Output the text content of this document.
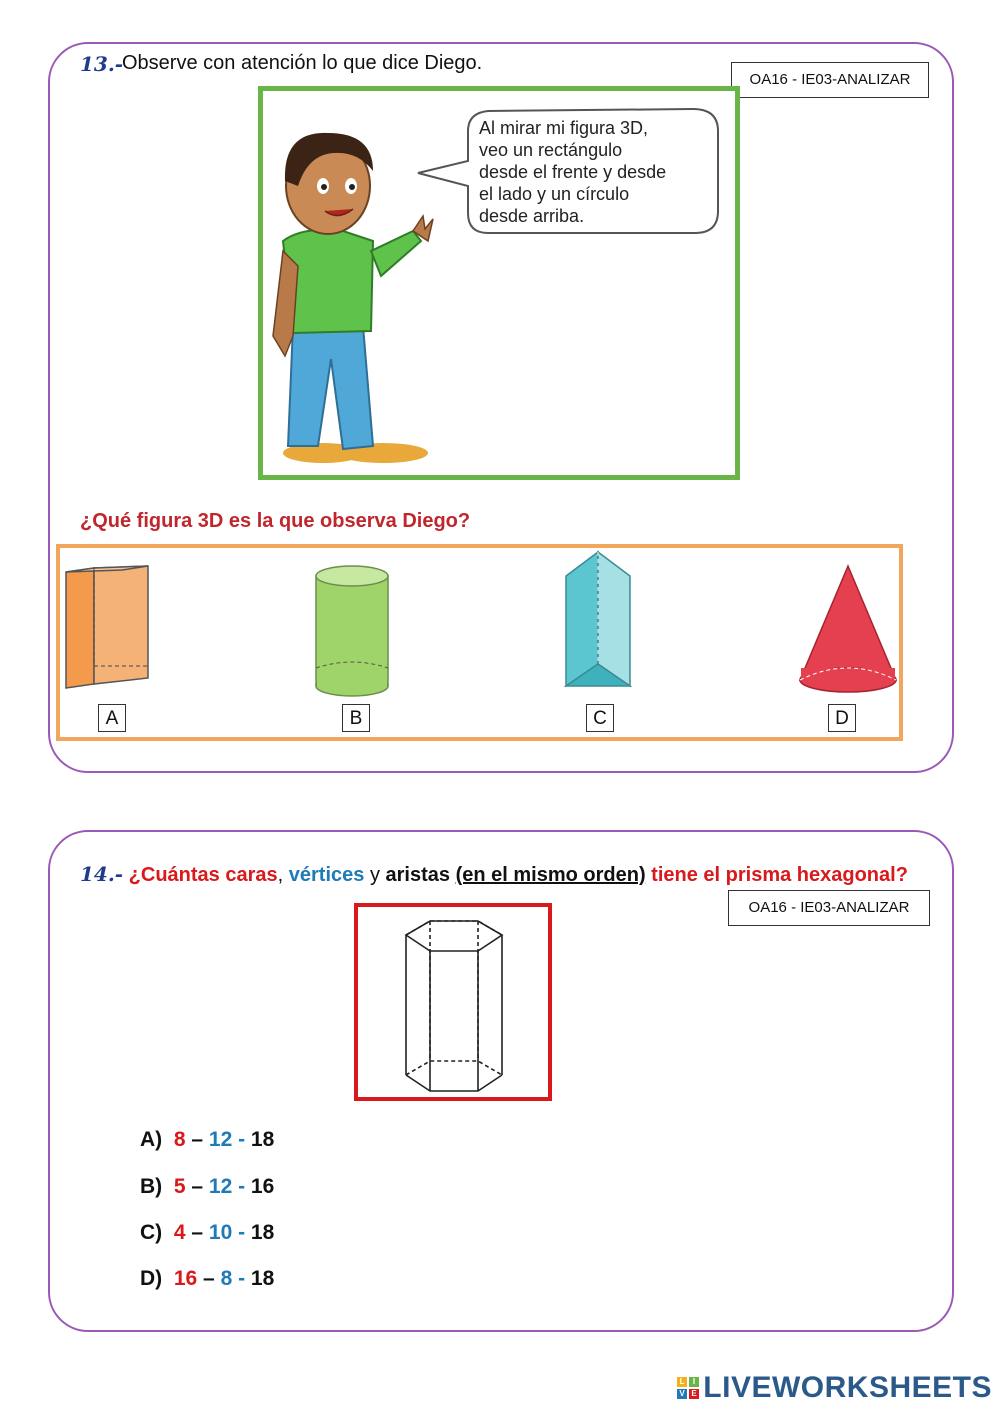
13.-
Observe con atención lo que dice Diego.
OA16 - IE03-ANALIZAR
Al mirar mi figura 3D,
veo un rectángulo
desde el frente y desde
el lado y un círculo
desde arriba.
¿Qué figura 3D es la que observa Diego?
A	B	C	D
14.- ¿Cuántas caras, vértices y aristas (en el mismo orden) tiene el prisma hexagonal?
OA16 - IE03-ANALIZAR
A) 8 – 12 - 18
B) 5 – 12 - 16
C) 4 – 10 - 18
D) 16 – 8 - 18
L I
V E LIVEWORKSHEETS
